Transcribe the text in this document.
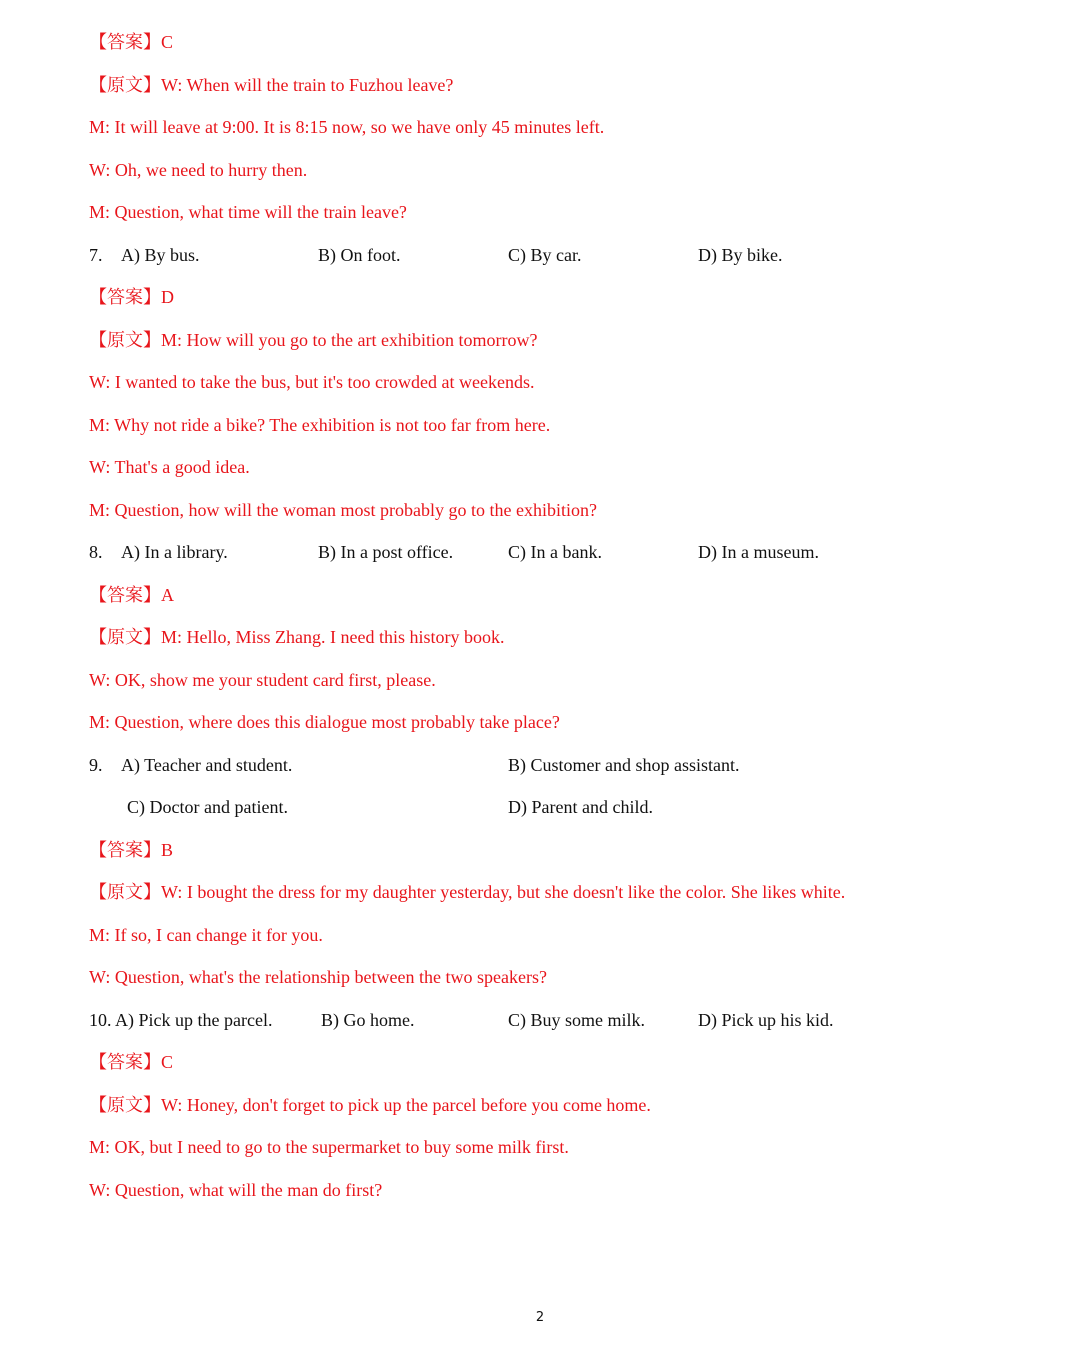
【答案】C
【原文】W: When will the train to Fuzhou leave?
M: It will leave at 9:00. It is 8:15 now, so we have only 45 minutes left.
W: Oh, we need to hurry then.
M: Question, what time will the train leave?
7. A) By bus.	B) On foot.	C) By car.	D) By bike.
【答案】D
【原文】M: How will you go to the art exhibition tomorrow?
W: I wanted to take the bus, but it's too crowded at weekends.
M: Why not ride a bike? The exhibition is not too far from here.
W: That's a good idea.
M: Question, how will the woman most probably go to the exhibition?
8. A) In a library.	B) In a post office.	C) In a bank.	D) In a museum.
【答案】A
【原文】M: Hello, Miss Zhang. I need this history book.
W: OK, show me your student card first, please.
M: Question, where does this dialogue most probably take place?
9. A) Teacher and student.	B) Customer and shop assistant.
C) Doctor and patient.	D) Parent and child.
【答案】B
【原文】W: I bought the dress for my daughter yesterday, but she doesn't like the color. She likes white.
M: If so, I can change it for you.
W: Question, what's the relationship between the two speakers?
10. A) Pick up the parcel.	B) Go home.	C) Buy some milk.	D) Pick up his kid.
【答案】C
【原文】W: Honey, don't forget to pick up the parcel before you come home.
M: OK, but I need to go to the supermarket to buy some milk first.
W: Question, what will the man do first?
2
